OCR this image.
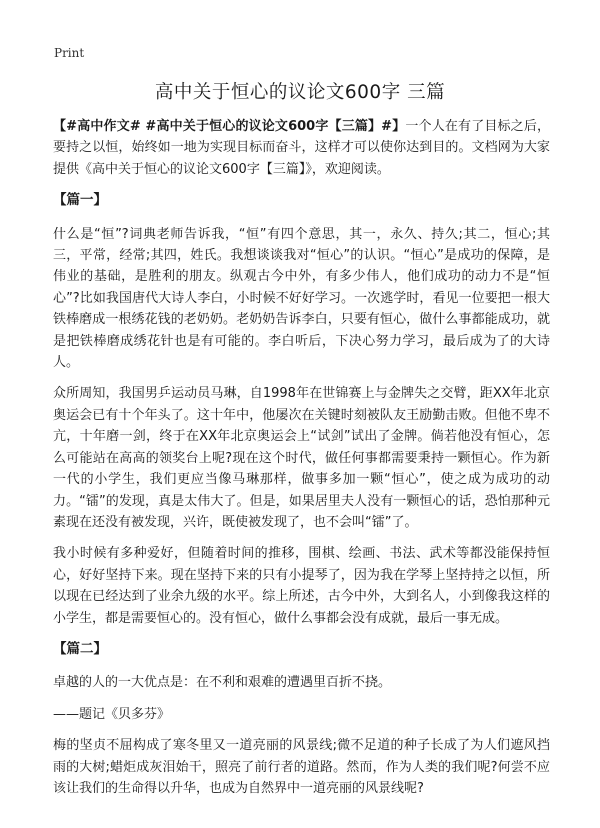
Print
高中关于恒心的议论文600字 三篇

【#高中作文# #高中关于恒心的议论文600字【三篇】#】一个人在有了目标之后，要持之以恒，始终如一地为实现目标而奋斗，这样才可以使你达到目的。文档网为大家提供《高中关于恒心的议论文600字【三篇】》，欢迎阅读。

【篇一】

什么是“恒”?词典老师告诉我，“恒”有四个意思，其一，永久、持久;其二，恒心;其三，平常，经常;其四，姓氏。我想谈谈我对“恒心”的认识。“恒心”是成功的保障，是伟业的基础，是胜利的朋友。纵观古今中外，有多少伟人，他们成功的动力不是“恒心”?比如我国唐代大诗人李白，小时候不好好学习。一次逃学时，看见一位要把一根大铁棒磨成一根绣花钱的老奶奶。老奶奶告诉李白，只要有恒心，做什么事都能成功，就是把铁棒磨成绣花针也是有可能的。李白听后，下决心努力学习，最后成为了的大诗人。

众所周知，我国男乒运动员马琳，自1998年在世锦赛上与金牌失之交臂，距XX年北京奥运会已有十个年头了。这十年中，他屡次在关键时刻被队友王励勤击败。但他不卑不亢，十年磨一剑，终于在XX年北京奥运会上“试剑”试出了金牌。倘若他没有恒心，怎么可能站在高高的领奖台上呢?现在这个时代，做任何事都需要秉持一颗恒心。作为新一代的小学生，我们更应当像马琳那样，做事多加一颗“恒心”，使之成为成功的动力。“镭”的发现，真是太伟大了。但是，如果居里夫人没有一颗恒心的话，恐怕那种元素现在还没有被发现，兴许，既使被发现了，也不会叫“镭”了。

我小时候有多种爱好，但随着时间的推移，围棋、绘画、书法、武术等都没能保持恒心，好好坚持下来。现在坚持下来的只有小提琴了，因为我在学琴上坚持持之以恒，所以现在已经达到了业余九级的水平。综上所述，古今中外，大到名人，小到像我这样的小学生，都是需要恒心的。没有恒心，做什么事都会没有成就，最后一事无成。

【篇二】

卓越的人的一大优点是：在不利和艰难的遭遇里百折不挠。

——题记《贝多芬》

梅的坚贞不屈构成了寒冬里又一道亮丽的风景线;微不足道的种子长成了为人们遮风挡雨的大树;蜡炬成灰泪始干，照亮了前行者的道路。然而，作为人类的我们呢?何尝不应该让我们的生命得以升华，也成为自然界中一道亮丽的风景线呢?
